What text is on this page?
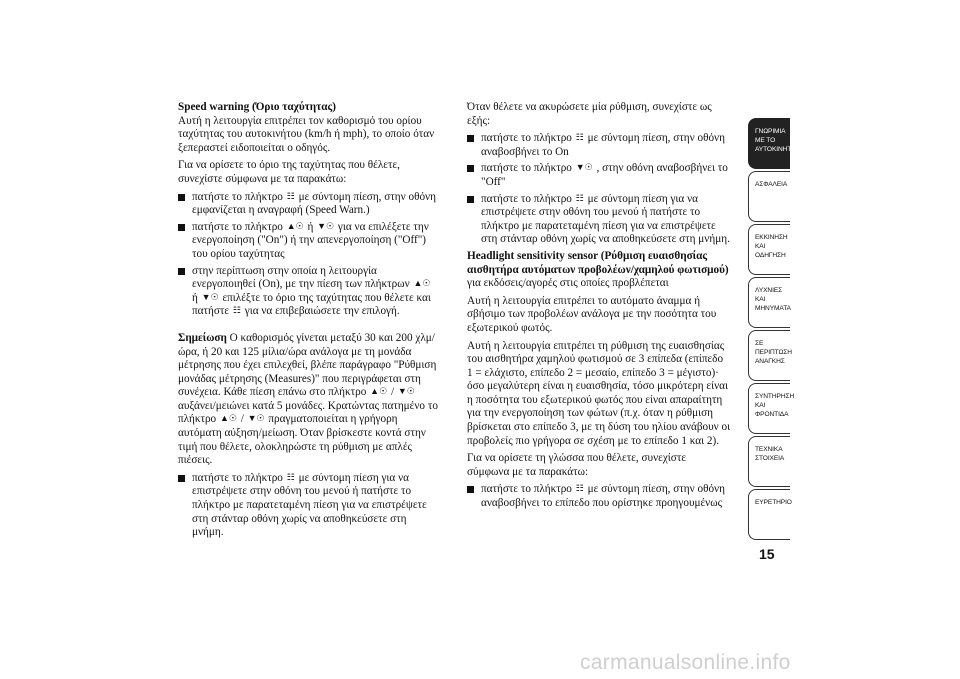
Speed warning (Όριο ταχύτητας)

Αυτή η λειτουργία επιτρέπει τον καθορισμό του ορίου ταχύτητας του αυτοκινήτου (km/h ή mph), το οποίο όταν ξεπεραστεί ειδοποιείται ο οδηγός.

Για να ορίσετε το όριο της ταχύτητας που θέλετε, συνεχίστε σύμφωνα με τα παρακάτω:

πατήστε το πλήκτρο ☷ με σύντομη πίεση, στην οθόνη εμφανίζεται η αναγραφή (Speed Warn.)

πατήστε το πλήκτρο ▲☉ ή ▼☉ για να επιλέξετε την ενεργοποίηση ("On") ή την απενεργοποίηση ("Off") του ορίου ταχύτητας

στην περίπτωση στην οποία η λειτουργία ενεργοποιηθεί (On), με την πίεση των πλήκτρων ▲☉ ή ▼☉ επιλέξτε το όριο της ταχύτητας που θέλετε και πατήστε ☷ για να επιβεβαιώσετε την επιλογή.

Σημείωση Ο καθορισμός γίνεται μεταξύ 30 και 200 χλμ/ώρα, ή 20 και 125 μίλια/ώρα ανάλογα με τη μονάδα μέτρησης που έχει επιλεχθεί, βλέπε παράγραφο "Ρύθμιση μονάδας μέτρησης (Measures)" που περιγράφεται στη συνέχεια. Κάθε πίεση επάνω στο πλήκτρο ▲☉ / ▼☉ αυξάνει/μειώνει κατά 5 μονάδες. Κρατώντας πατημένο το πλήκτρο ▲☉ / ▼☉ πραγματοποιείται η γρήγορη αυτόματη αύξηση/μείωση. Όταν βρίσκεστε κοντά στην τιμή που θέλετε, ολοκληρώστε τη ρύθμιση με απλές πιέσεις.

πατήστε το πλήκτρο ☷ με σύντομη πίεση για να επιστρέψετε στην οθόνη του μενού ή πατήστε το πλήκτρο με παρατεταμένη πίεση για να επιστρέψετε στη στάνταρ οθόνη χωρίς να αποθηκεύσετε στη μνήμη.

Όταν θέλετε να ακυρώσετε μία ρύθμιση, συνεχίστε ως εξής:

πατήστε το πλήκτρο ☷ με σύντομη πίεση, στην οθόνη αναβοσβήνει το On

πατήστε το πλήκτρο ▼☉ , στην οθόνη αναβοσβήνει το "Off"

πατήστε το πλήκτρο ☷ με σύντομη πίεση για να επιστρέψετε στην οθόνη του μενού ή πατήστε το πλήκτρο με παρατεταμένη πίεση για να επιστρέψετε στη στάνταρ οθόνη χωρίς να αποθηκεύσετε στη μνήμη.

Headlight sensitivity sensor (Ρύθμιση ευαισθησίας αισθητήρα αυτόματων προβολέων/χαμηλού φωτισμού) για εκδόσεις/αγορές στις οποίες προβλέπεται

Αυτή η λειτουργία επιτρέπει το αυτόματο άναμμα ή σβήσιμο των προβολέων ανάλογα με την ποσότητα του εξωτερικού φωτός.

Αυτή η λειτουργία επιτρέπει τη ρύθμιση της ευαισθησίας του αισθητήρα χαμηλού φωτισμού σε 3 επίπεδα (επίπεδο 1 = ελάχιστο, επίπεδο 2 = μεσαίο, επίπεδο 3 = μέγιστο)· όσο μεγαλύτερη είναι η ευαισθησία, τόσο μικρότερη είναι η ποσότητα του εξωτερικού φωτός που είναι απαραίτητη για την ενεργοποίηση των φώτων (π.χ. όταν η ρύθμιση βρίσκεται στο επίπεδο 3, με τη δύση του ηλίου ανάβουν οι προβολείς πιο γρήγορα σε σχέση με το επίπεδο 1 και 2).

Για να ορίσετε τη γλώσσα που θέλετε, συνεχίστε σύμφωνα με τα παρακάτω:

πατήστε το πλήκτρο ☷ με σύντομη πίεση, στην οθόνη αναβοσβήνει το επίπεδο που ορίστηκε προηγουμένως

ΓΝΩΡΙΜΙΑ ΜΕ ΤΟ ΑΥΤΟΚΙΝΗΤΟ
ΑΣΦΑΛΕΙΑ
ΕΚΚΙΝΗΣΗ ΚΑΙ ΟΔΗΓΗΣΗ
ΛΥΧΝΙΕΣ ΚΑΙ ΜΗΝΥΜΑΤΑ
ΣΕ ΠΕΡΙΠΤΩΣΗ ΑΝΑΓΚΗΣ
ΣΥΝΤΗΡΗΣΗ ΚΑΙ ΦΡΟΝΤΙΔΑ
ΤΕΧΝΙΚΑ ΣΤΟΙΧΕΙΑ
ΕΥΡΕΤΗΡΙΟ
15
carmanualsonline.info
